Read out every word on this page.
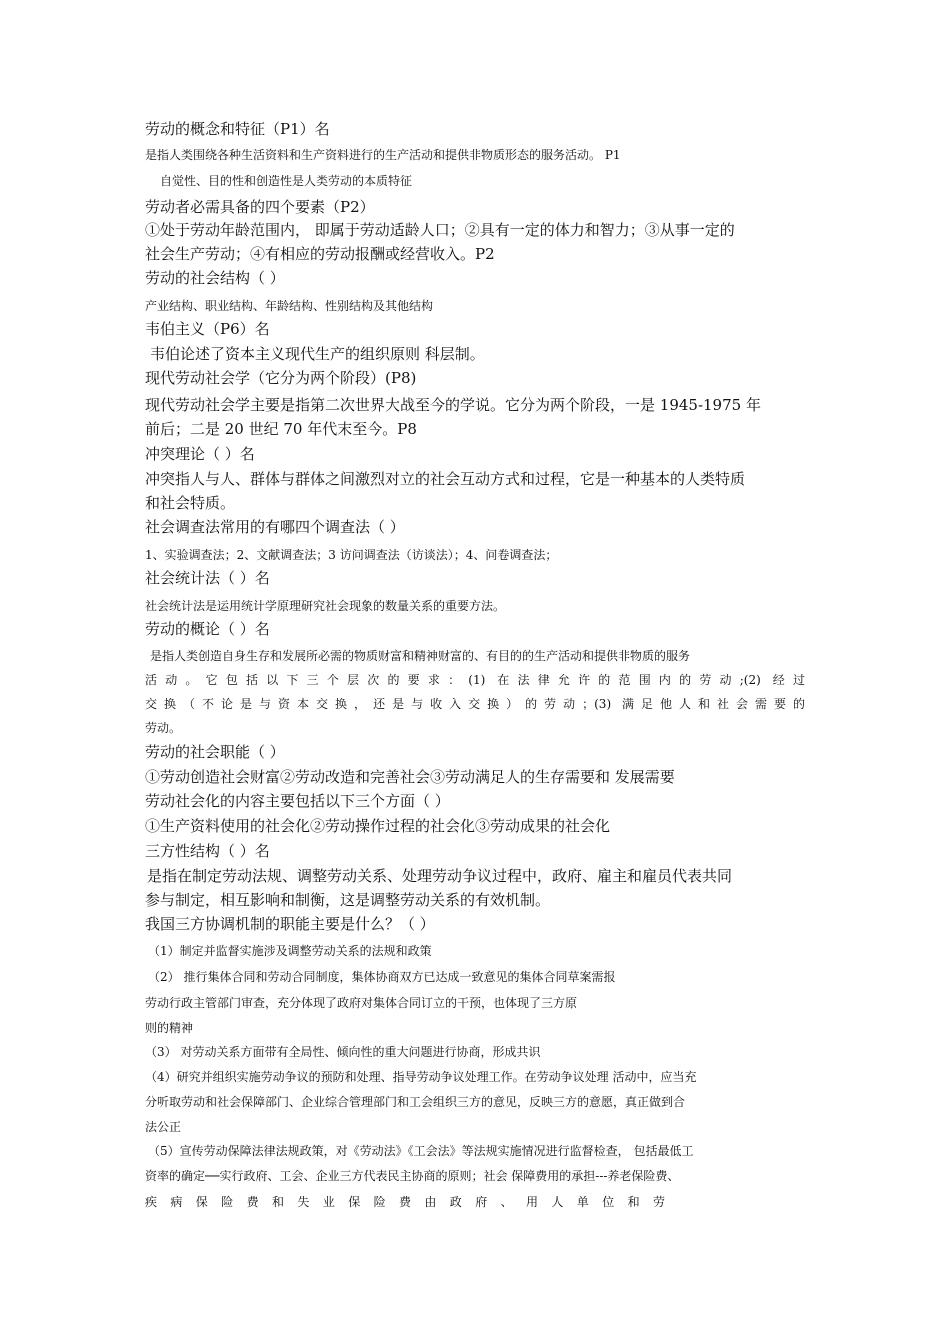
劳动的概念和特征（P1）名
是指人类围绕各种生活资料和生产资料进行的生产活动和提供非物质形态的服务活动。 P1
自觉性、目的性和创造性是人类劳动的本质特征
劳动者必需具备的四个要素（P2）
①处于劳动年龄范围内， 即属于劳动适龄人口；②具有一定的体力和智力；③从事一定的
社会生产劳动；④有相应的劳动报酬或经营收入。P2
劳动的社会结构（ ）
产业结构、职业结构、年龄结构、性别结构及其他结构
韦伯主义（P6）名
韦伯论述了资本主义现代生产的组织原则 科层制。
现代劳动社会学（它分为两个阶段）(P8)
现代劳动社会学主要是指第二次世界大战至今的学说。它分为两个阶段，一是 1945-1975 年
前后；二是 20 世纪 70 年代末至今。P8
冲突理论（ ）名
冲突指人与人、群体与群体之间激烈对立的社会互动方式和过程，它是一种基本的人类特质
和社会特质。
社会调查法常用的有哪四个调查法（ ）
1、实验调查法；2、文献调查法；3 访问调查法（访谈法）；4、问卷调查法；
社会统计法（ ）名
社会统计法是运用统计学原理研究社会现象的数量关系的重要方法。
劳动的概论（ ）名
是指人类创造自身生存和发展所必需的物质财富和精神财富的、有目的的生产活动和提供非物质的服务
活动。它包括以下三个层次的要求：(1) 在法律允许的范围内的劳动;(2) 经过
交换（不论是与资本交换，还是与收入交换）的劳动；(3) 满足他人和社会需要的
劳动。
劳动的社会职能（ ）
①劳动创造社会财富②劳动改造和完善社会③劳动满足人的生存需要和 发展需要
劳动社会化的内容主要包括以下三个方面（ ）
①生产资料使用的社会化②劳动操作过程的社会化③劳动成果的社会化
三方性结构（ ）名
是指在制定劳动法规、调整劳动关系、处理劳动争议过程中，政府、雇主和雇员代表共同
参与制定，相互影响和制衡，这是调整劳动关系的有效机制。
我国三方协调机制的职能主要是什么？（ ）
（1）制定并监督实施涉及调整劳动关系的法规和政策
（2） 推行集体合同和劳动合同制度，集体协商双方已达成一致意见的集体合同草案需报
劳动行政主管部门审查，充分体现了政府对集体合同订立的干预，也体现了三方原
则的精神
（3） 对劳动关系方面带有全局性、倾向性的重大问题进行协商，形成共识
（4）研究并组织实施劳动争议的预防和处理、指导劳动争议处理工作。在劳动争议处理 活动中，应当充
分听取劳动和社会保障部门、企业综合管理部门和工会组织三方的意见，反映三方的意愿，真正做到合
法公正
（5）宣传劳动保障法律法规政策，对《劳动法》《工会法》等法规实施情况进行监督检查， 包括最低工
资率的确定──实行政府、工会、企业三方代表民主协商的原则；社会 保障费用的承担---养老保险费、
疾病保险费和失业保险费由政府、用人单位和劳
